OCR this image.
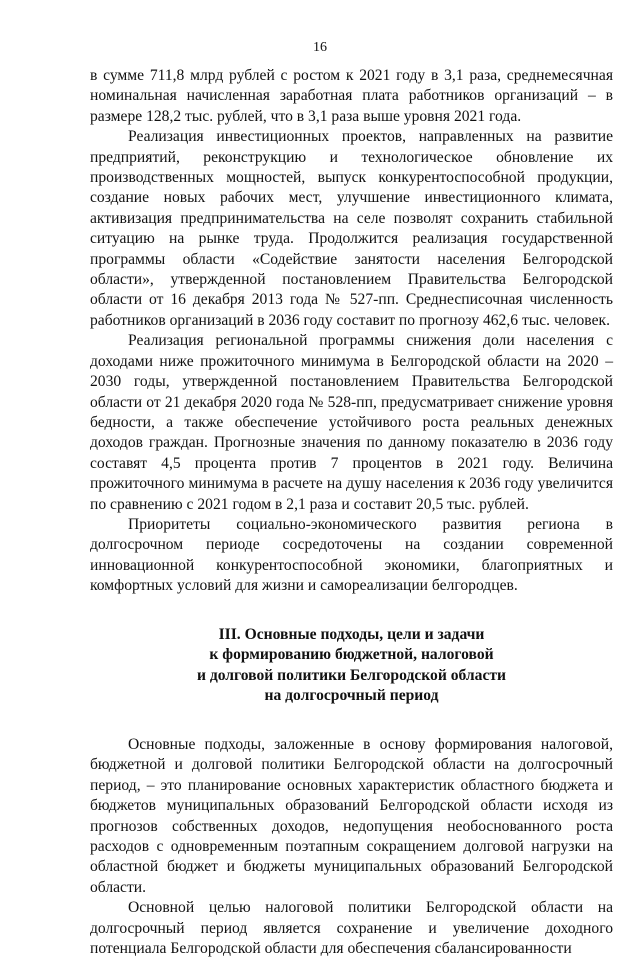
16

в сумме 711,8 млрд рублей с ростом к 2021 году в 3,1 раза, среднемесячная номинальная начисленная заработная плата работников организаций – в размере 128,2 тыс. рублей, что в 3,1 раза выше уровня 2021 года.

Реализация инвестиционных проектов, направленных на развитие предприятий, реконструкцию и технологическое обновление их производственных мощностей, выпуск конкурентоспособной продукции, создание новых рабочих мест, улучшение инвестиционного климата, активизация предпринимательства на селе позволят сохранить стабильной ситуацию на рынке труда. Продолжится реализация государственной программы области «Содействие занятости населения Белгородской области», утвержденной постановлением Правительства Белгородской области от 16 декабря 2013 года № 527-пп. Среднесписочная численность работников организаций в 2036 году составит по прогнозу 462,6 тыс. человек.

Реализация региональной программы снижения доли населения с доходами ниже прожиточного минимума в Белгородской области на 2020 – 2030 годы, утвержденной постановлением Правительства Белгородской области от 21 декабря 2020 года № 528-пп, предусматривает снижение уровня бедности, а также обеспечение устойчивого роста реальных денежных доходов граждан. Прогнозные значения по данному показателю в 2036 году составят 4,5 процента против 7 процентов в 2021 году. Величина прожиточного минимума в расчете на душу населения к 2036 году увеличится по сравнению с 2021 годом в 2,1 раза и составит 20,5 тыс. рублей.

Приоритеты социально-экономического развития региона в долгосрочном периоде сосредоточены на создании современной инновационной конкурентоспособной экономики, благоприятных и комфортных условий для жизни и самореализации белгородцев.

III. Основные подходы, цели и задачи
к формированию бюджетной, налоговой
и долговой политики Белгородской области
на долгосрочный период

Основные подходы, заложенные в основу формирования налоговой, бюджетной и долговой политики Белгородской области на долгосрочный период, – это планирование основных характеристик областного бюджета и бюджетов муниципальных образований Белгородской области исходя из прогнозов собственных доходов, недопущения необоснованного роста расходов с одновременным поэтапным сокращением долговой нагрузки на областной бюджет и бюджеты муниципальных образований Белгородской области.

Основной целью налоговой политики Белгородской области на долгосрочный период является сохранение и увеличение доходного потенциала Белгородской области для обеспечения сбалансированности
